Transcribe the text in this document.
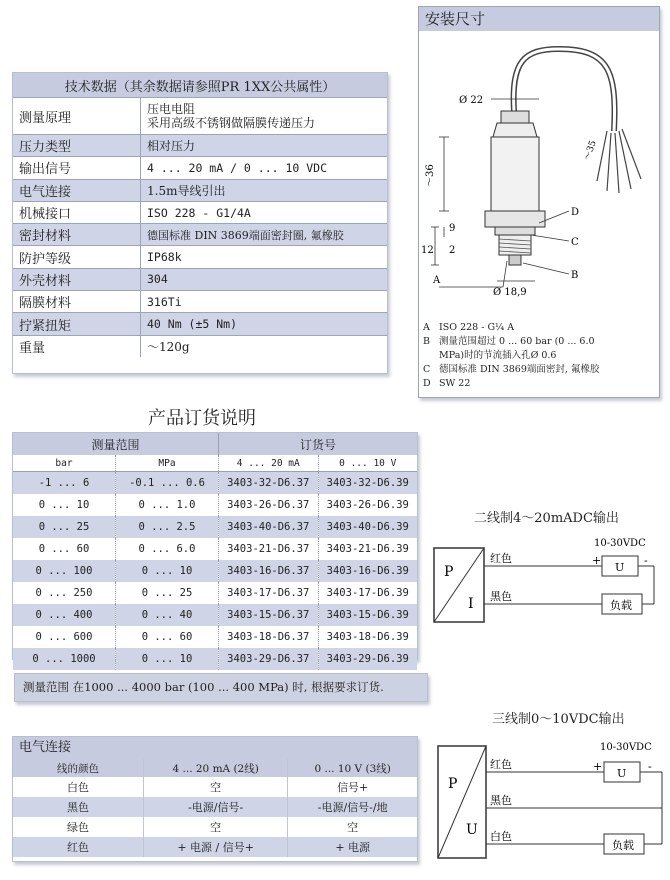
技术数据（其余数据请参照PR 1XX公共属性）	
测量原理	压电电阻
采用高级不锈钢做隔膜传递压力

压力类型	相对压力
输出信号	4 ... 20 mA / 0 ... 10 VDC
电气连接	1.5m导线引出
机械接口	ISO 228 - G1/4A
密封材料	德国标准 DIN 3869端面密封圈, 氟橡胶
防护等级	IP68k
外壳材料	304
隔膜材料	316Ti
拧紧扭矩	40 Nm (±5 Nm)
重量	～120g
安装尺寸
～35
Ø 22
～36
9
12 2
Ø 18,9
D
C
B
A
A ISO 228 - G¼ A
B 测量范围超过 0 ... 60 bar (0 ... 6.0
MPa)时的节流插入孔Ø 0.6
C 德国标准 DIN 3869端面密封, 氟橡胶
D SW 22
产品订货说明
测量范围		订货号	
bar	MPa	4 ... 20 mA	0 ... 10 V
-1 ... 6	-0.1 ... 0.6	3403-32-D6.37	3403-32-D6.39
0 ... 10	0 ... 1.0	3403-26-D6.37	3403-26-D6.39
0 ... 25	0 ... 2.5	3403-40-D6.37	3403-40-D6.39
0 ... 60	0 ... 6.0	3403-21-D6.37	3403-21-D6.39
0 ... 100	0 ... 10	3403-16-D6.37	3403-16-D6.39
0 ... 250	0 ... 25	3403-17-D6.37	3403-17-D6.39
0 ... 400	0 ... 40	3403-15-D6.37	3403-15-D6.39
0 ... 600	0 ... 60	3403-18-D6.37	3403-18-D6.39
0 ... 1000	0 ... 10	3403-29-D6.37	3403-29-D6.39
测量范围 在1000 ... 4000 bar (100 ... 400 MPa) 时, 根据要求订货.
电气连接
线的颜色	4 ... 20 mA (2线)	0 ... 10 V (3线)
白色	空	信号+
黑色	-电源/信号-	-电源/信号-/地
绿色	空	空
红色	+ 电源 / 信号+	+ 电源
二线制4～20mADC输出
P
I
红色
黑色
10-30VDC
+	-
U
负载
三线制0～10VDC输出
P
U
红色
黑色
白色
10-30VDC
+	-
U
负载
